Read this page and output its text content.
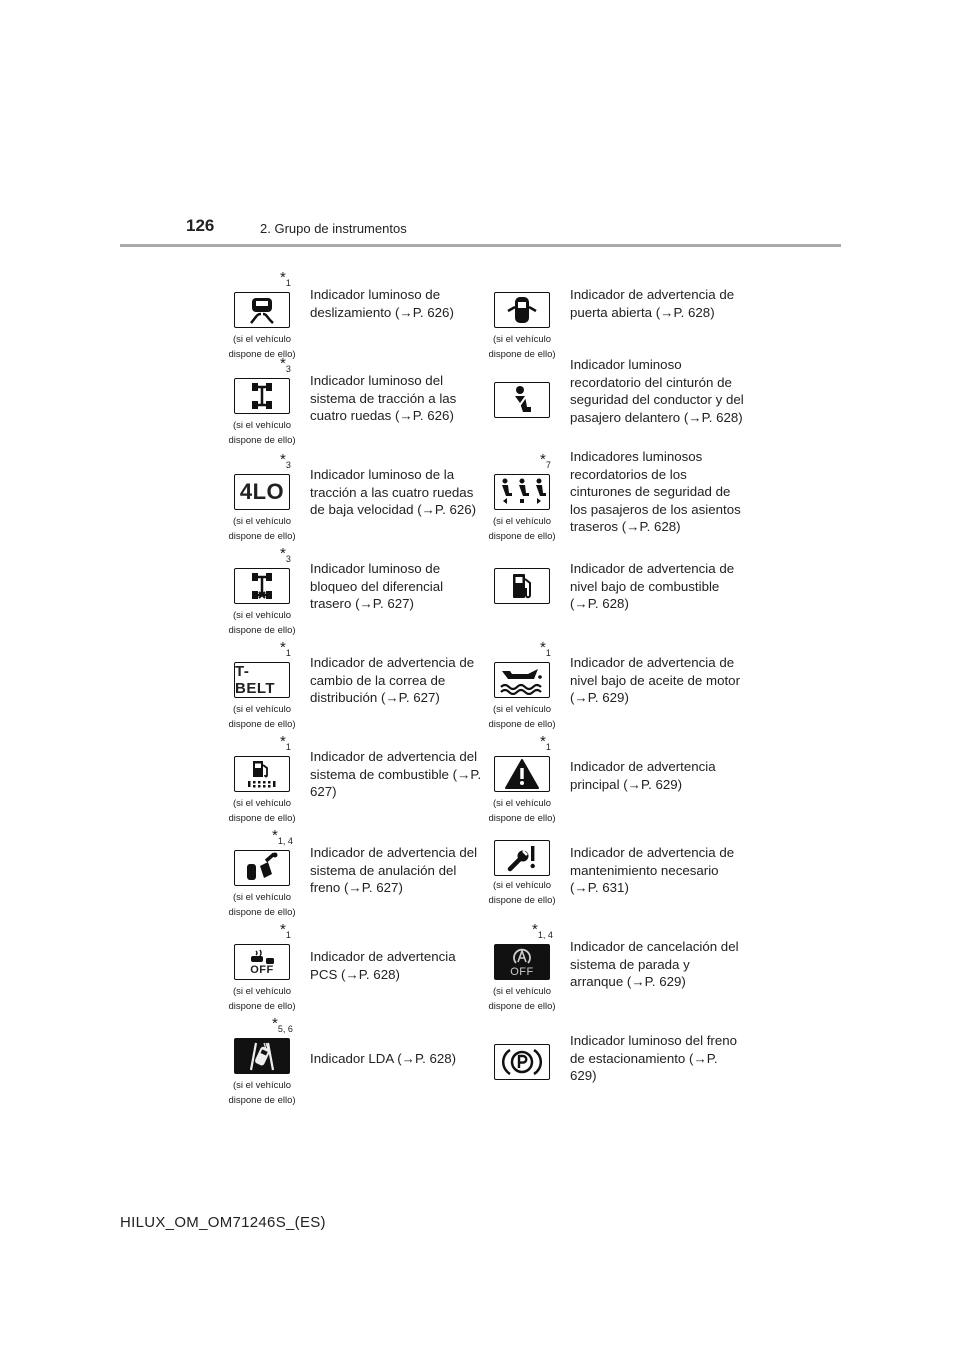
126	2. Grupo de instrumentos
$*_1$
(si el vehículo dispone de ello)
Indicador luminoso de deslizamiento (→P. 626)
(si el vehículo dispone de ello)
Indicador de advertencia de puerta abierta (→P. 628)
$*_3$
(si el vehículo dispone de ello)
Indicador luminoso del sistema de tracción a las cuatro ruedas (→P. 626)
Indicador luminoso recordatorio del cinturón de seguridad del conductor y del pasajero delantero (→P. 628)
$*_3$
4LO
(si el vehículo dispone de ello)
Indicador luminoso de la tracción a las cuatro ruedas de baja velocidad (→P. 626)
$*_7$
(si el vehículo dispone de ello)
Indicadores luminosos recordatorios de los cinturones de seguridad de los pasajeros de los asientos traseros (→P. 628)
$*_3$
(si el vehículo dispone de ello)
Indicador luminoso de bloqueo del diferencial trasero (→P. 627)
Indicador de advertencia de nivel bajo de combustible (→P. 628)
$*_1$
T-BELT
(si el vehículo dispone de ello)
Indicador de advertencia de cambio de la correa de distribución (→P. 627)
$*_1$
(si el vehículo dispone de ello)
Indicador de advertencia de nivel bajo de aceite de motor (→P. 629)
$*_1$
(si el vehículo dispone de ello)
Indicador de advertencia del sistema de combustible (→P. 627)
$*_1$
(si el vehículo dispone de ello)
Indicador de advertencia principal (→P. 629)
$*_{1, 4}$
(si el vehículo dispone de ello)
Indicador de advertencia del sistema de anulación del freno (→P. 627)	(si el vehículo dispone de ello)
Indicador de advertencia de mantenimiento necesario (→P. 631)
$*_1$
OFF
(si el vehículo dispone de ello)
Indicador de advertencia PCS (→P. 628)
$*_{1, 4}$
OFF
(si el vehículo dispone de ello)
Indicador de cancelación del sistema de parada y arranque (→P. 629)
$*_{5, 6}$
(si el vehículo dispone de ello)
Indicador LDA (→P. 628)
Indicador luminoso del freno de estacionamiento (→P. 629)
HILUX_OM_OM71246S_(ES)
